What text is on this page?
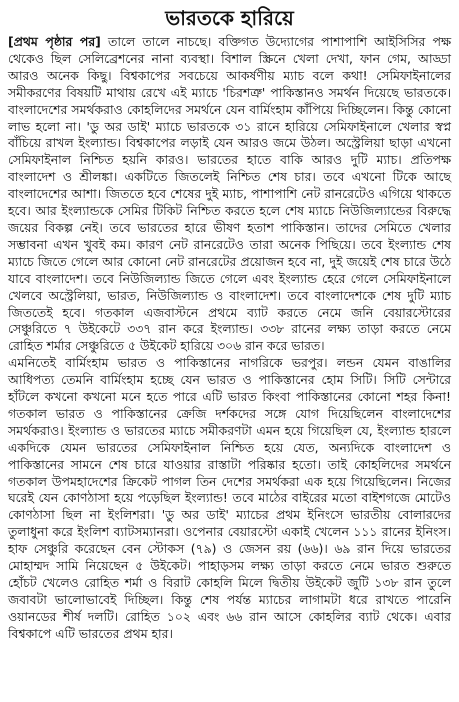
ভারতকে হারিয়ে

[প্রথম পৃষ্ঠার পর] তালে তালে নাচছে। বক্তিগত উদ্যোগের পাশাপাশি আইসিসির পক্ষ থেকেও ছিল সেলিব্রেশনের নানা ব্যবস্থা। বিশাল স্ক্রিনে খেলা দেখা, ফান গেম, আড্ডা আরও অনেক কিছু। বিশ্বকাপের সবচেয়ে আকর্ষণীয় ম্যাচ বলে কথা! সেমিফাইনালের সমীকরণের বিষয়টি মাথায় রেখে এই ম্যাচে 'চিরশত্রু' পাকিস্তানও সমর্থন দিয়েছে ভারতকে। বাংলাদেশের সমর্থকরাও কোহলিদের সমর্থনে যেন বার্মিংহাম কাঁপিয়ে দিচ্ছিলেন। কিন্তু কোনো লাভ হলো না। 'ডু অর ডাই' ম্যাচে ভারতকে ৩১ রানে হারিয়ে সেমিফাইনালে খেলার স্বপ্ন বাঁচিয়ে রাখল ইংল্যান্ড। বিশ্বকাপের লড়াই যেন আরও জমে উঠল। অস্ট্রেলিয়া ছাড়া এখনো সেমিফাইনাল নিশ্চিত হয়নি কারও। ভারতের হাতে বাকি আরও দুটি ম্যাচ। প্রতিপক্ষ বাংলাদেশ ও শ্রীলঙ্কা। একটিতে জিতলেই নিশ্চিত শেষ চার। তবে এখনো টিকে আছে বাংলাদেশের আশা। জিততে হবে শেষের দুই ম্যাচ, পাশাপাশি নেট রানরেটেও এগিয়ে থাকতে হবে। আর ইংল্যান্ডকে সেমির টিকিট নিশ্চিত করতে হলে শেষ ম্যাচে নিউজিল্যান্ডের বিরুদ্ধে জয়ের বিকল্প নেই। তবে ভারতের হারে ভীষণ হতাশ পাকিস্তান। তাদের সেমিতে খেলার সম্ভাবনা এখন খুবই কম। কারণ নেট রানরেটেও তারা অনেক পিছিয়ে। তবে ইংল্যান্ড শেষ ম্যাচে জিতে গেলে আর কোনো নেট রানরেটের প্রয়োজন হবে না, দুই জয়েই শেষ চারে উঠে যাবে বাংলাদেশ। তবে নিউজিল্যান্ড জিতে গেলে এবং ইংল্যান্ড হেরে গেলে সেমিফাইনালে খেলবে অস্ট্রেলিয়া, ভারত, নিউজিল্যান্ড ও বাংলাদেশ। তবে বাংলাদেশকে শেষ দুটি ম্যাচ জিততেই হবে। গতকাল এজবাস্টনে প্রথমে ব্যাট করতে নেমে জনি বেয়ারস্টোরের সেঞ্চুরিতে ৭ উইকেটে ৩৩৭ রান করে ইংল্যান্ড। ৩৩৮ রানের লক্ষ্য তাড়া করতে নেমে রোহিত শর্মার সেঞ্চুরিতে ৫ উইকেট হারিয়ে ৩০৬ রান করে ভারত।

এমনিতেই বার্মিংহাম ভারত ও পাকিস্তানের নাগরিকে ভরপুর। লন্ডন যেমন বাঙালির আধিপত্য তেমনি বার্মিংহাম হচ্ছে যেন ভারত ও পাকিস্তানের হোম সিটি। সিটি সেন্টারে হাঁটলে কখনো কখনো মনে হতে পারে এটি ভারত কিংবা পাকিস্তানের কোনো শহর কিনা! গতকাল ভারত ও পাকিস্তানের ক্রেজি দর্শকদের সঙ্গে যোগ দিয়েছিলেন বাংলাদেশের সমর্থকরাও। ইংল্যান্ড ও ভারতের ম্যাচে সমীকরণটা এমন হয়ে গিয়েছিল যে, ইংল্যান্ড হারলে একদিকে যেমন ভারতের সেমিফাইনাল নিশ্চিত হয়ে যেত, অন্যদিকে বাংলাদেশ ও পাকিস্তানের সামনে শেষ চারে যাওয়ার রাস্তাটা পরিষ্কার হতো। তাই কোহলিদের সমর্থনে গতকাল উপমহাদেশের ক্রিকেট পাগল তিন দেশের সমর্থকরা এক হয়ে গিয়েছিলেন। নিজের ঘরেই যেন কোণঠাসা হয়ে পড়েছিল ইংল্যান্ড! তবে মাঠের বাইরের মতো বাইশগজে মোটেও কোণঠাসা ছিল না ইংলিশরা। 'ডু অর ডাই' ম্যাচের প্রথম ইনিংসে ভারতীয় বোলারদের তুলাধুনা করে ইংলিশ ব্যাটসম্যানরা। ওপেনার বেয়ারস্টো একাই খেলেন ১১১ রানের ইনিংস। হাফ সেঞ্চুরি করেছেন বেন স্টোকস (৭৯) ও জেসন রয় (৬৬)। ৬৯ রান দিয়ে ভারতের মোহাম্মদ সামি নিয়েছেন ৫ উইকেট। পাহাড়সম লক্ষ্য তাড়া করতে নেমে ভারত শুরুতে হোঁচট খেলেও রোহিত শর্মা ও বিরাট কোহলি মিলে দ্বিতীয় উইকেট জুটি ১৩৮ রান তুলে জবাবটা ভালোভাবেই দিচ্ছিল। কিন্তু শেষ পর্যন্ত ম্যাচের লাগামটা ধরে রাখতে পারেনি ওয়ানডের শীর্ষ দলটি। রোহিত ১০২ এবং ৬৬ রান আসে কোহলির ব্যাট থেকে। এবার বিশ্বকাপে এটি ভারতের প্রথম হার।
